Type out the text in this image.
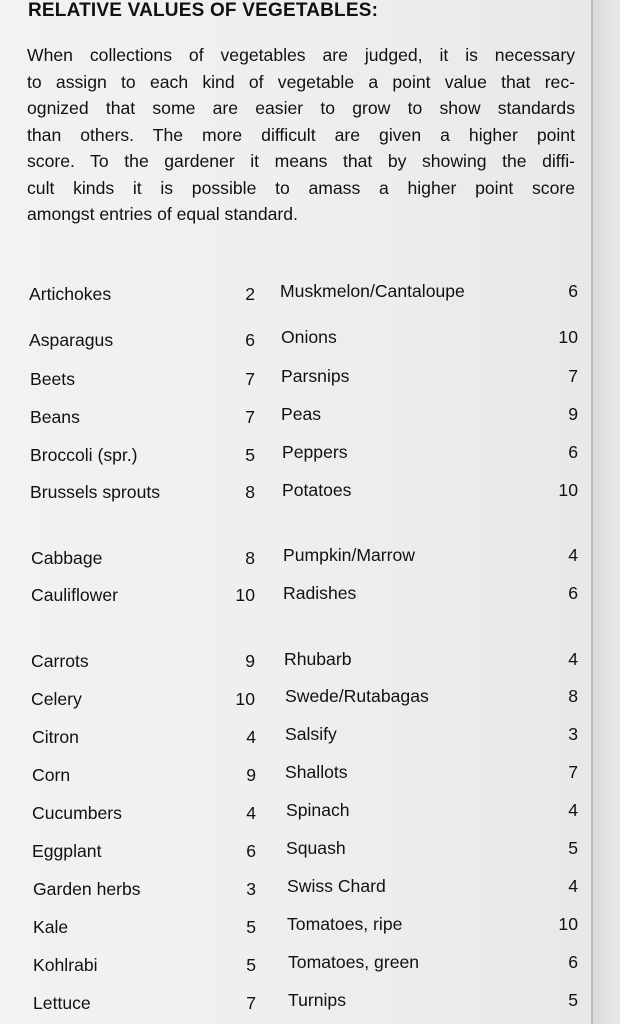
RELATIVE VALUES OF VEGETABLES:

When collections of vegetables are judged, it is necessary
to assign to each kind of vegetable a point value that rec-
ognized that some are easier to grow to show standards
than others. The more difficult are given a higher point
score. To the gardener it means that by showing the diffi-
cult kinds it is possible to amass a higher point score
amongst entries of equal standard.

Artichokes	2
Asparagus	6
Beets	7
Beans	7
Broccoli (spr.)	5
Brussels sprouts	8
Cabbage	8
Cauliflower	10
Carrots	9
Celery	10
Citron	4
Corn	9
Cucumbers	4
Eggplant	6
Garden herbs	3
Kale	5
Kohlrabi	5
Lettuce	7
Muskmelon/Cantaloupe	6
Onions	10
Parsnips	7
Peas	9
Peppers	6
Potatoes	10
Pumpkin/Marrow	4
Radishes	6
Rhubarb	4
Swede/Rutabagas	8
Salsify	3
Shallots	7
Spinach	4
Squash	5
Swiss Chard	4
Tomatoes, ripe	10
Tomatoes, green	6
Turnips	5
